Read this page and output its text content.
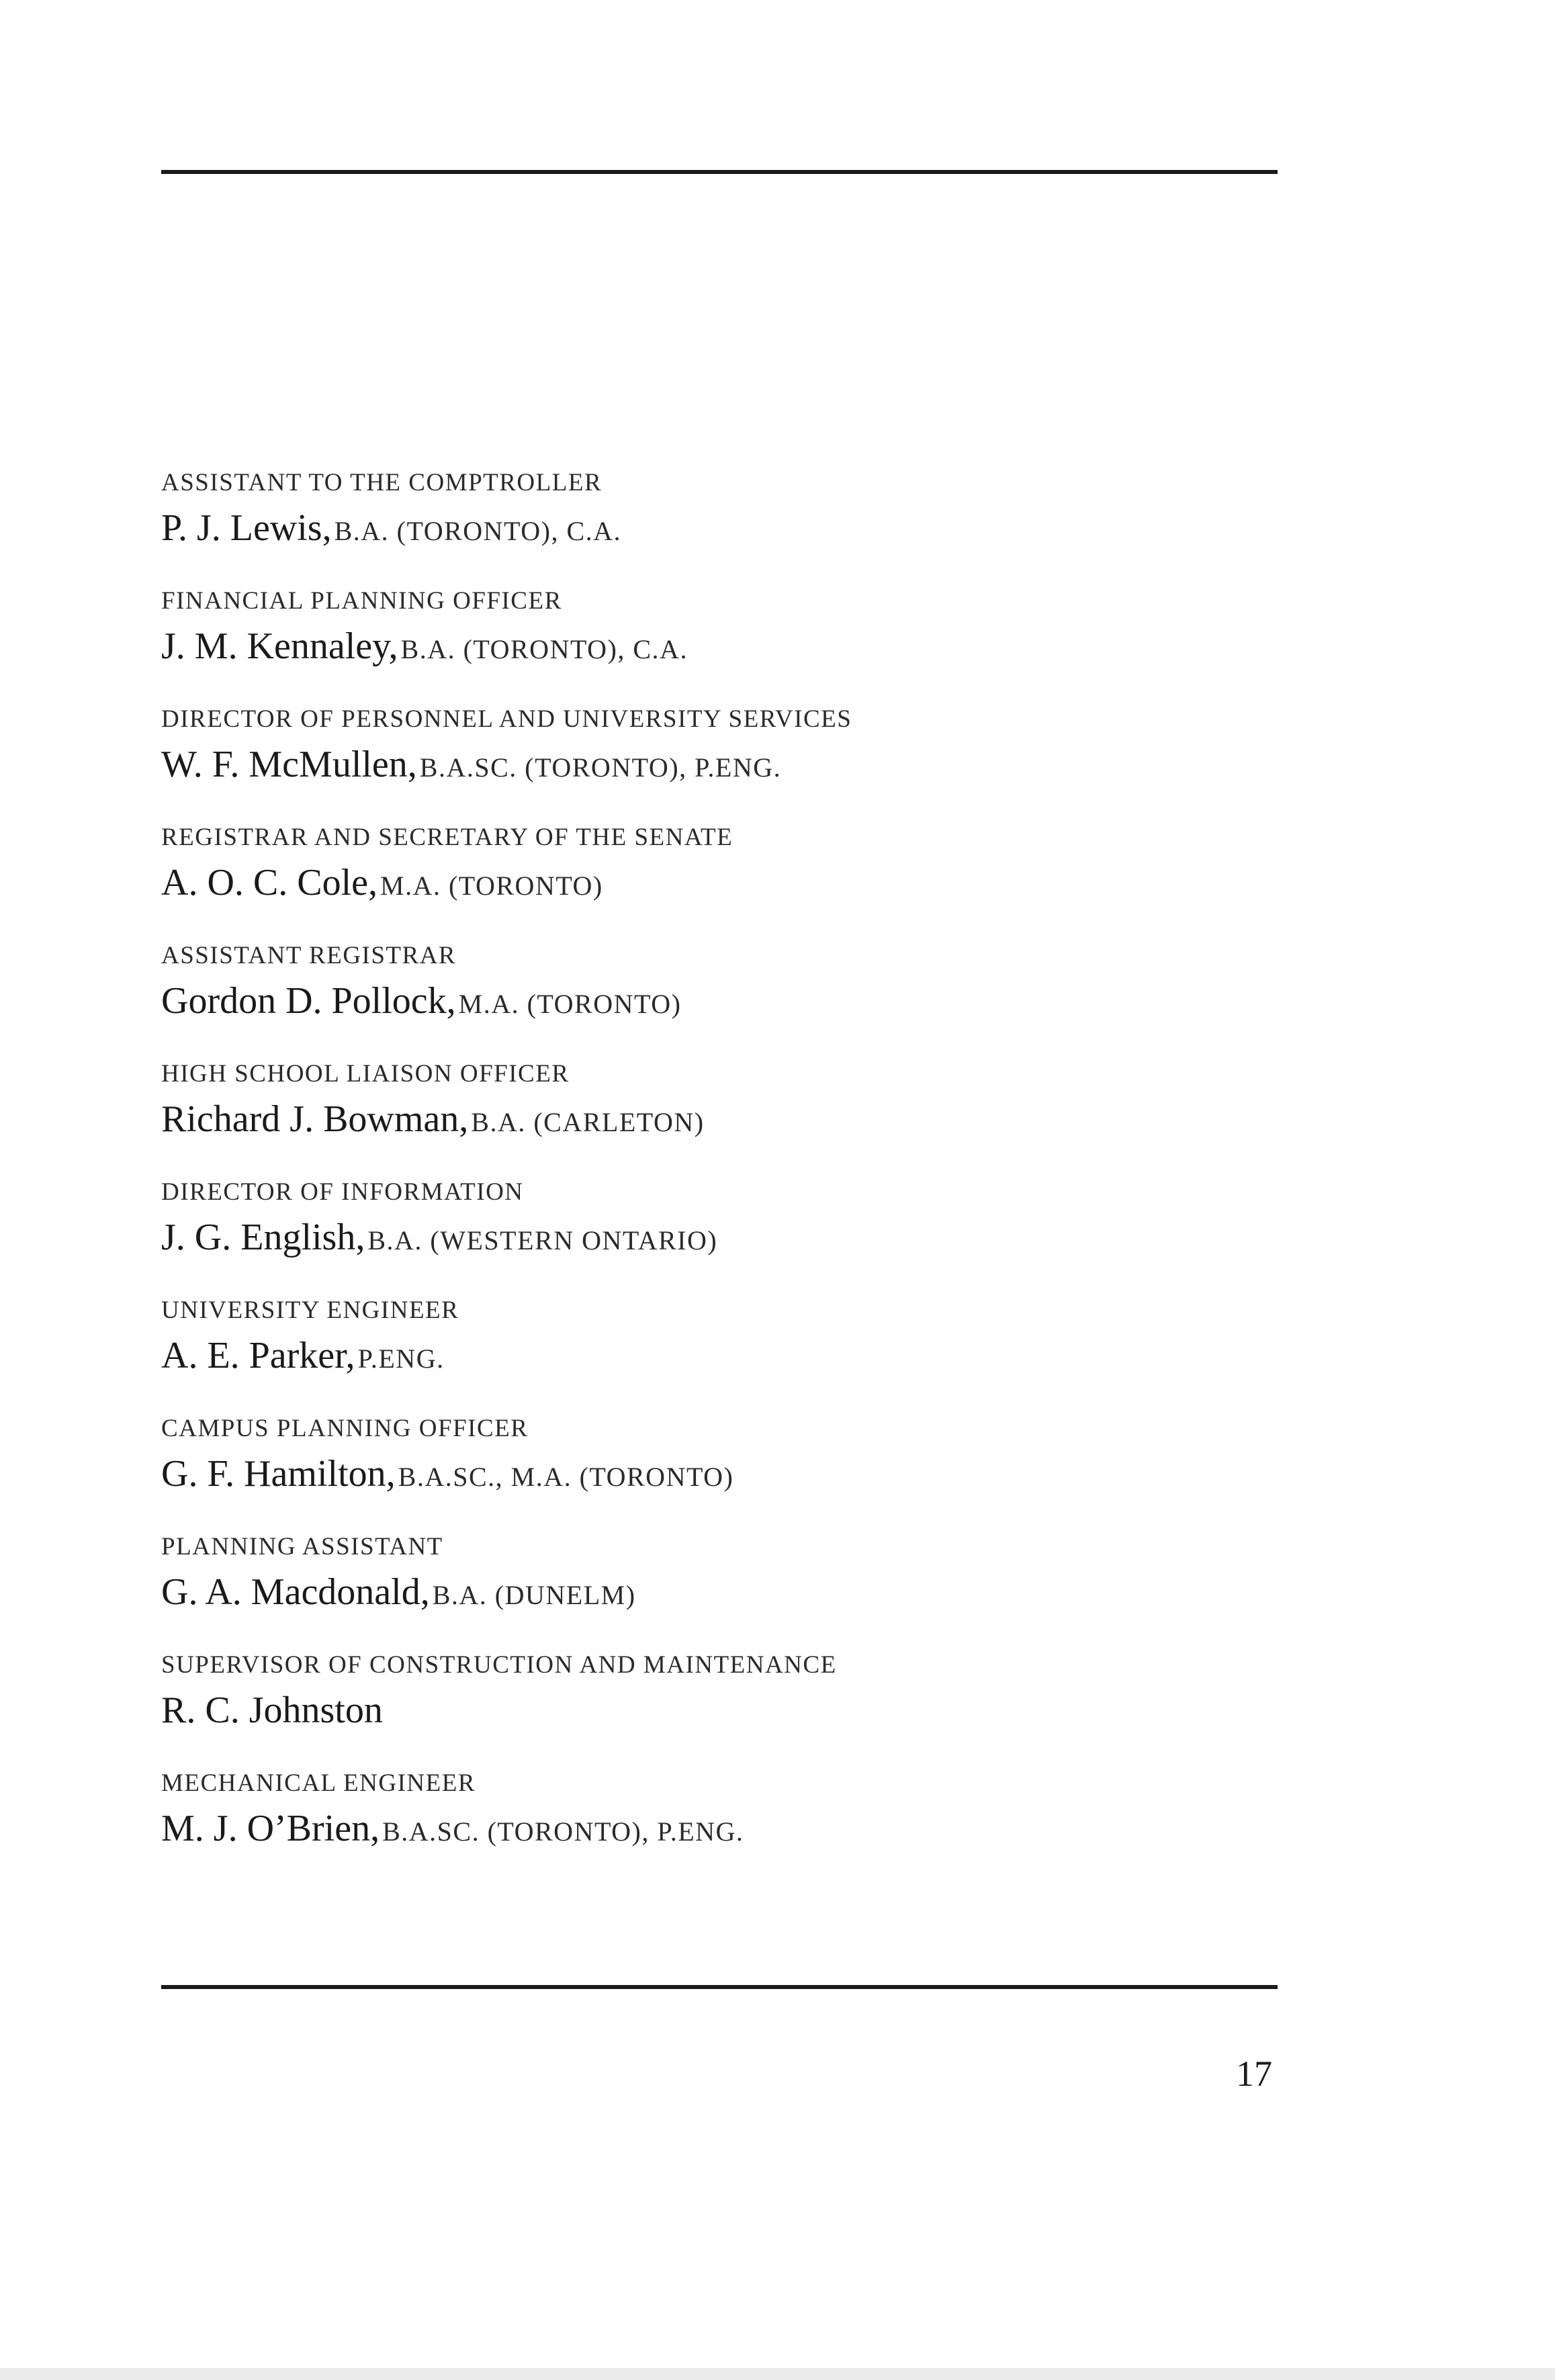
ASSISTANT TO THE COMPTROLLER
P. J. Lewis, B.A. (TORONTO), C.A.
FINANCIAL PLANNING OFFICER
J. M. Kennaley, B.A. (TORONTO), C.A.
DIRECTOR OF PERSONNEL AND UNIVERSITY SERVICES
W. F. McMullen, B.A.SC. (TORONTO), P.ENG.
REGISTRAR AND SECRETARY OF THE SENATE
A. O. C. Cole, M.A. (TORONTO)
ASSISTANT REGISTRAR
Gordon D. Pollock, M.A. (TORONTO)
HIGH SCHOOL LIAISON OFFICER
Richard J. Bowman, B.A. (CARLETON)
DIRECTOR OF INFORMATION
J. G. English, B.A. (WESTERN ONTARIO)
UNIVERSITY ENGINEER
A. E. Parker, P.ENG.
CAMPUS PLANNING OFFICER
G. F. Hamilton, B.A.SC., M.A. (TORONTO)
PLANNING ASSISTANT
G. A. Macdonald, B.A. (DUNELM)
SUPERVISOR OF CONSTRUCTION AND MAINTENANCE
R. C. Johnston
MECHANICAL ENGINEER
M. J. O’Brien, B.A.SC. (TORONTO), P.ENG.
17
